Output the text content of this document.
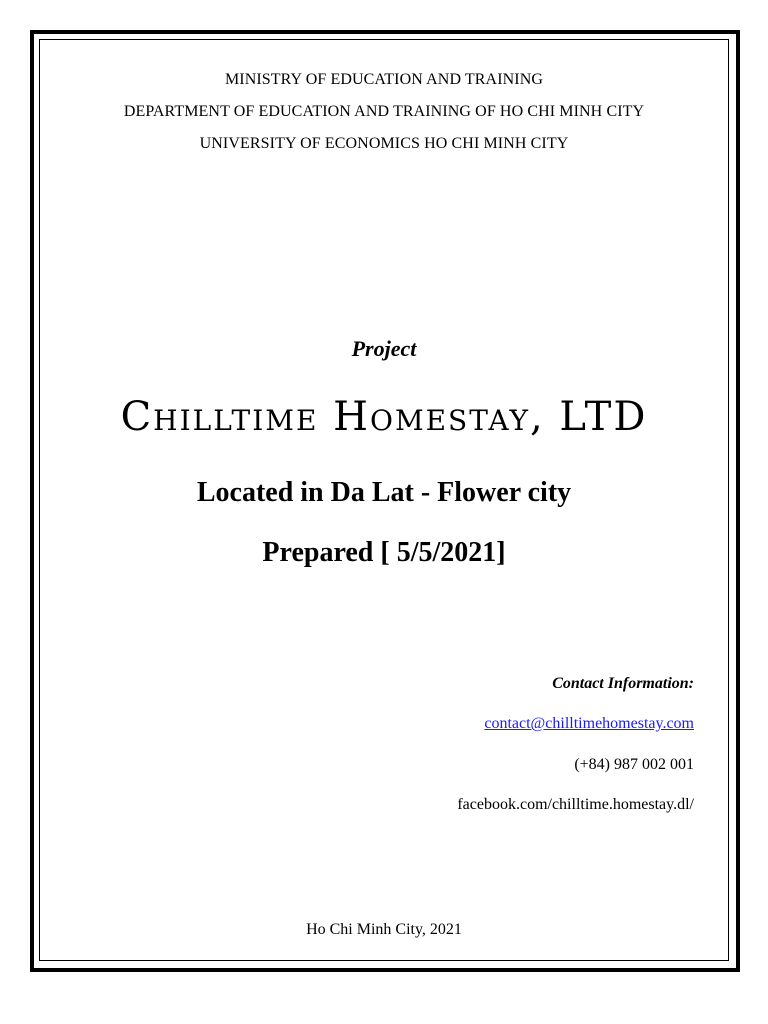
MINISTRY OF EDUCATION AND TRAINING
DEPARTMENT OF EDUCATION AND TRAINING OF HO CHI MINH CITY
UNIVERSITY OF ECONOMICS HO CHI MINH CITY
Project
Chilltime Homestay, LTD
Located in Da Lat - Flower city
Prepared [ 5/5/2021]
Contact Information:
contact@chilltimehomestay.com
(+84) 987 002 001
facebook.com/chilltime.homestay.dl/
Ho Chi Minh City, 2021
